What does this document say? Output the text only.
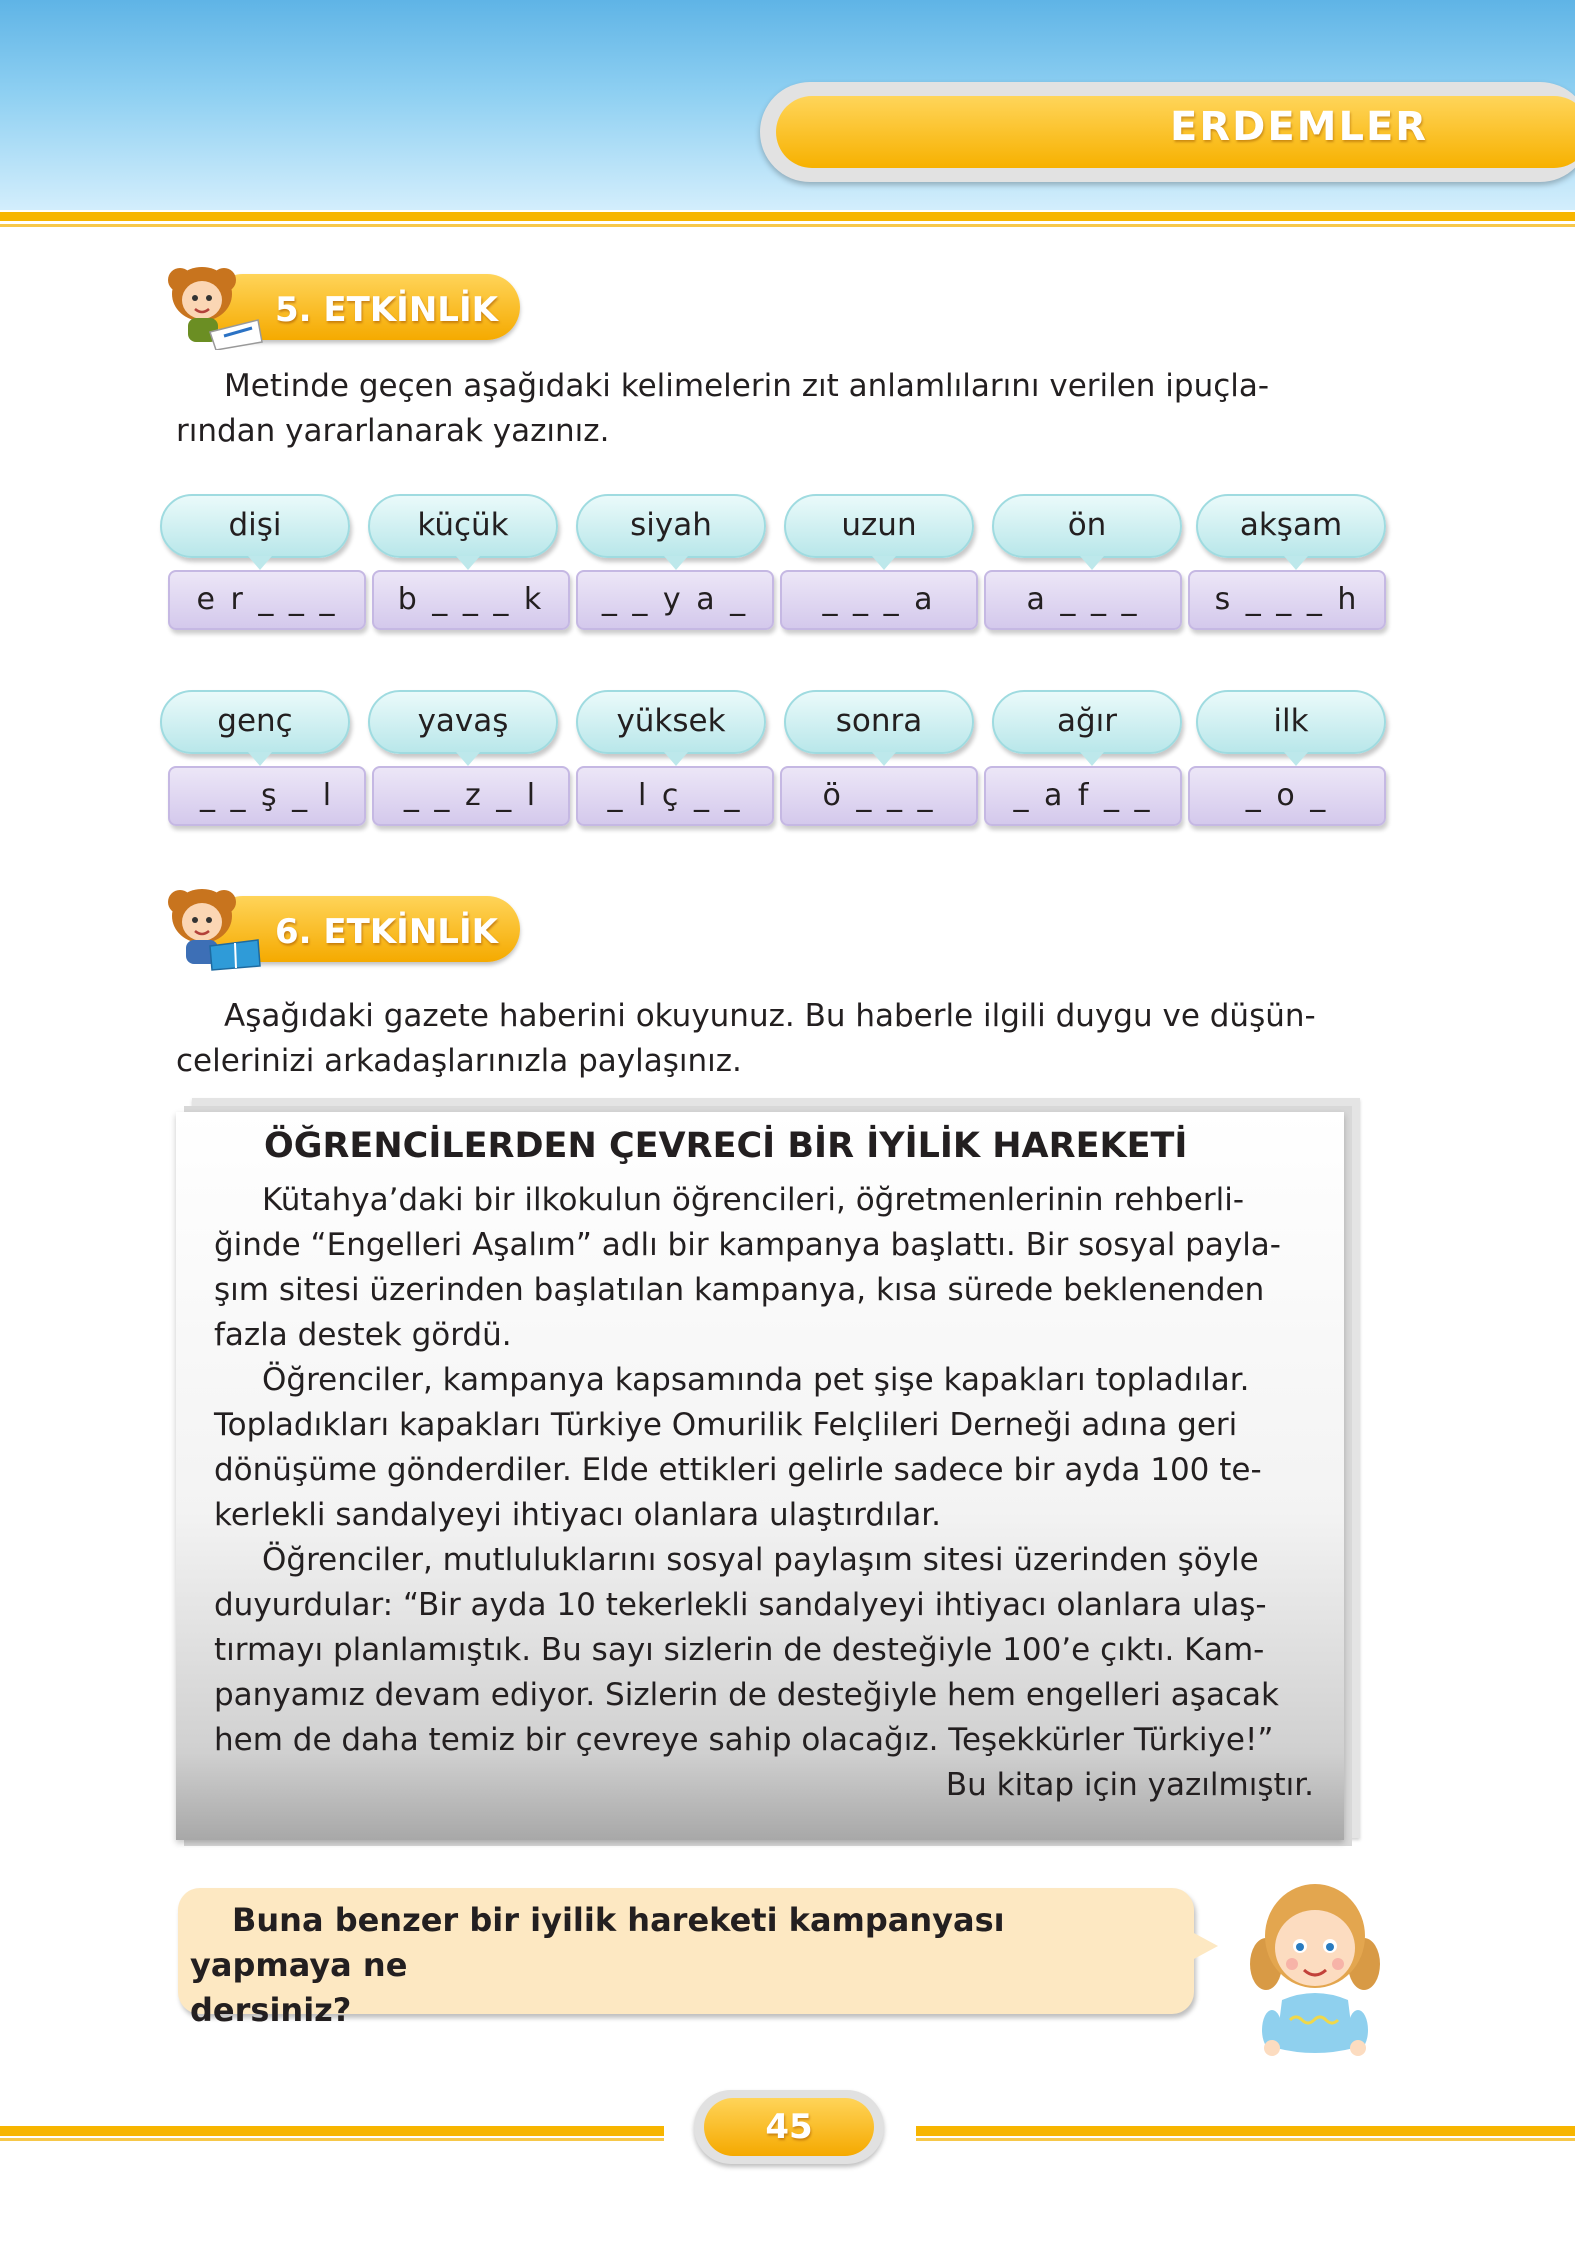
ERDEMLER
5. ETKİNLİK
Metinde geçen aşağıdaki kelimelerin zıt anlamlılarını verilen ipuçla-
rından yararlanarak yazınız.
dişi	küçük	siyah	uzun	ön	akşam
e r _ _ _	b _ _ _ k	_ _ y a _	_ _ _ a	a _ _ _	s _ _ _ h
genç	yavaş	yüksek	sonra	ağır	ilk
_ _ ş _ l	_ _ z _ l	_ l ç _ _	ö _ _ _	_ a f _ _	_ o _
6. ETKİNLİK
Aşağıdaki gazete haberini okuyunuz. Bu haberle ilgili duygu ve düşün-
celerinizi arkadaşlarınızla paylaşınız.
ÖĞRENCİLERDEN ÇEVRECİ BİR İYİLİK HAREKETİ
Kütahya’daki bir ilkokulun öğrencileri, öğretmenlerinin rehberli-
ğinde “Engelleri Aşalım” adlı bir kampanya başlattı. Bir sosyal payla-
şım sitesi üzerinden başlatılan kampanya, kısa sürede beklenenden
fazla destek gördü.
Öğrenciler, kampanya kapsamında pet şişe kapakları topladılar.
Topladıkları kapakları Türkiye Omurilik Felçlileri Derneği adına geri
dönüşüme gönderdiler. Elde ettikleri gelirle sadece bir ayda 100 te-
kerlekli sandalyeyi ihtiyacı olanlara ulaştırdılar.
Öğrenciler, mutluluklarını sosyal paylaşım sitesi üzerinden şöyle
duyurdular: “Bir ayda 10 tekerlekli sandalyeyi ihtiyacı olanlara ulaş-
tırmayı planlamıştık. Bu sayı sizlerin de desteğiyle 100’e çıktı. Kam-
panyamız devam ediyor. Sizlerin de desteğiyle hem engelleri aşacak
hem de daha temiz bir çevreye sahip olacağız. Teşekkürler Türkiye!”
Bu kitap için yazılmıştır.
Buna benzer bir iyilik hareketi kampanyası yapmaya ne
dersiniz?
45
